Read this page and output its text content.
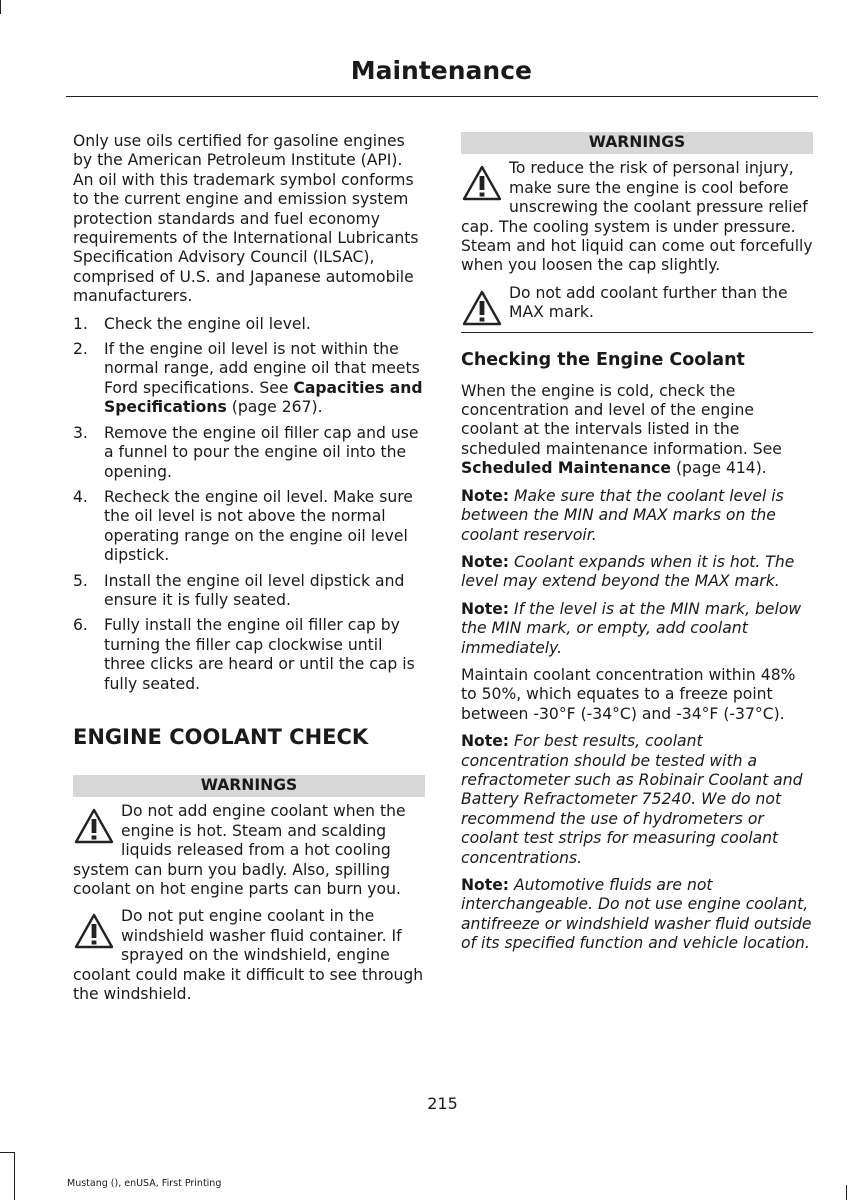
Maintenance

Only use oils certified for gasoline engines by the American Petroleum Institute (API). An oil with this trademark symbol conforms to the current engine and emission system protection standards and fuel economy requirements of the International Lubricants Specification Advisory Council (ILSAC), comprised of U.S. and Japanese automobile manufacturers.

1. Check the engine oil level.
2. If the engine oil level is not within the normal range, add engine oil that meets Ford specifications. See Capacities and Specifications (page 267).
3. Remove the engine oil filler cap and use a funnel to pour the engine oil into the opening.
4. Recheck the engine oil level. Make sure the oil level is not above the normal operating range on the engine oil level dipstick.
5. Install the engine oil level dipstick and ensure it is fully seated.
6. Fully install the engine oil filler cap by turning the filler cap clockwise until three clicks are heard or until the cap is fully seated.
ENGINE COOLANT CHECK
WARNINGS
Do not add engine coolant when the engine is hot. Steam and scalding liquids released from a hot cooling system can burn you badly. Also, spilling coolant on hot engine parts can burn you.
Do not put engine coolant in the windshield washer fluid container. If sprayed on the windshield, engine coolant could make it difficult to see through the windshield.
WARNINGS
To reduce the risk of personal injury, make sure the engine is cool before unscrewing the coolant pressure relief cap. The cooling system is under pressure. Steam and hot liquid can come out forcefully when you loosen the cap slightly.
Do not add coolant further than the MAX mark.
Checking the Engine Coolant

When the engine is cold, check the concentration and level of the engine coolant at the intervals listed in the scheduled maintenance information. See Scheduled Maintenance (page 414).

Note: Make sure that the coolant level is between the MIN and MAX marks on the coolant reservoir.

Note: Coolant expands when it is hot. The level may extend beyond the MAX mark.

Note: If the level is at the MIN mark, below the MIN mark, or empty, add coolant immediately.

Maintain coolant concentration within 48% to 50%, which equates to a freeze point between -30°F (-34°C) and -34°F (-37°C).

Note: For best results, coolant concentration should be tested with a refractometer such as Robinair Coolant and Battery Refractometer 75240. We do not recommend the use of hydrometers or coolant test strips for measuring coolant concentrations.

Note: Automotive fluids are not interchangeable. Do not use engine coolant, antifreeze or windshield washer fluid outside of its specified function and vehicle location.

215
Mustang (), enUSA, First Printing
